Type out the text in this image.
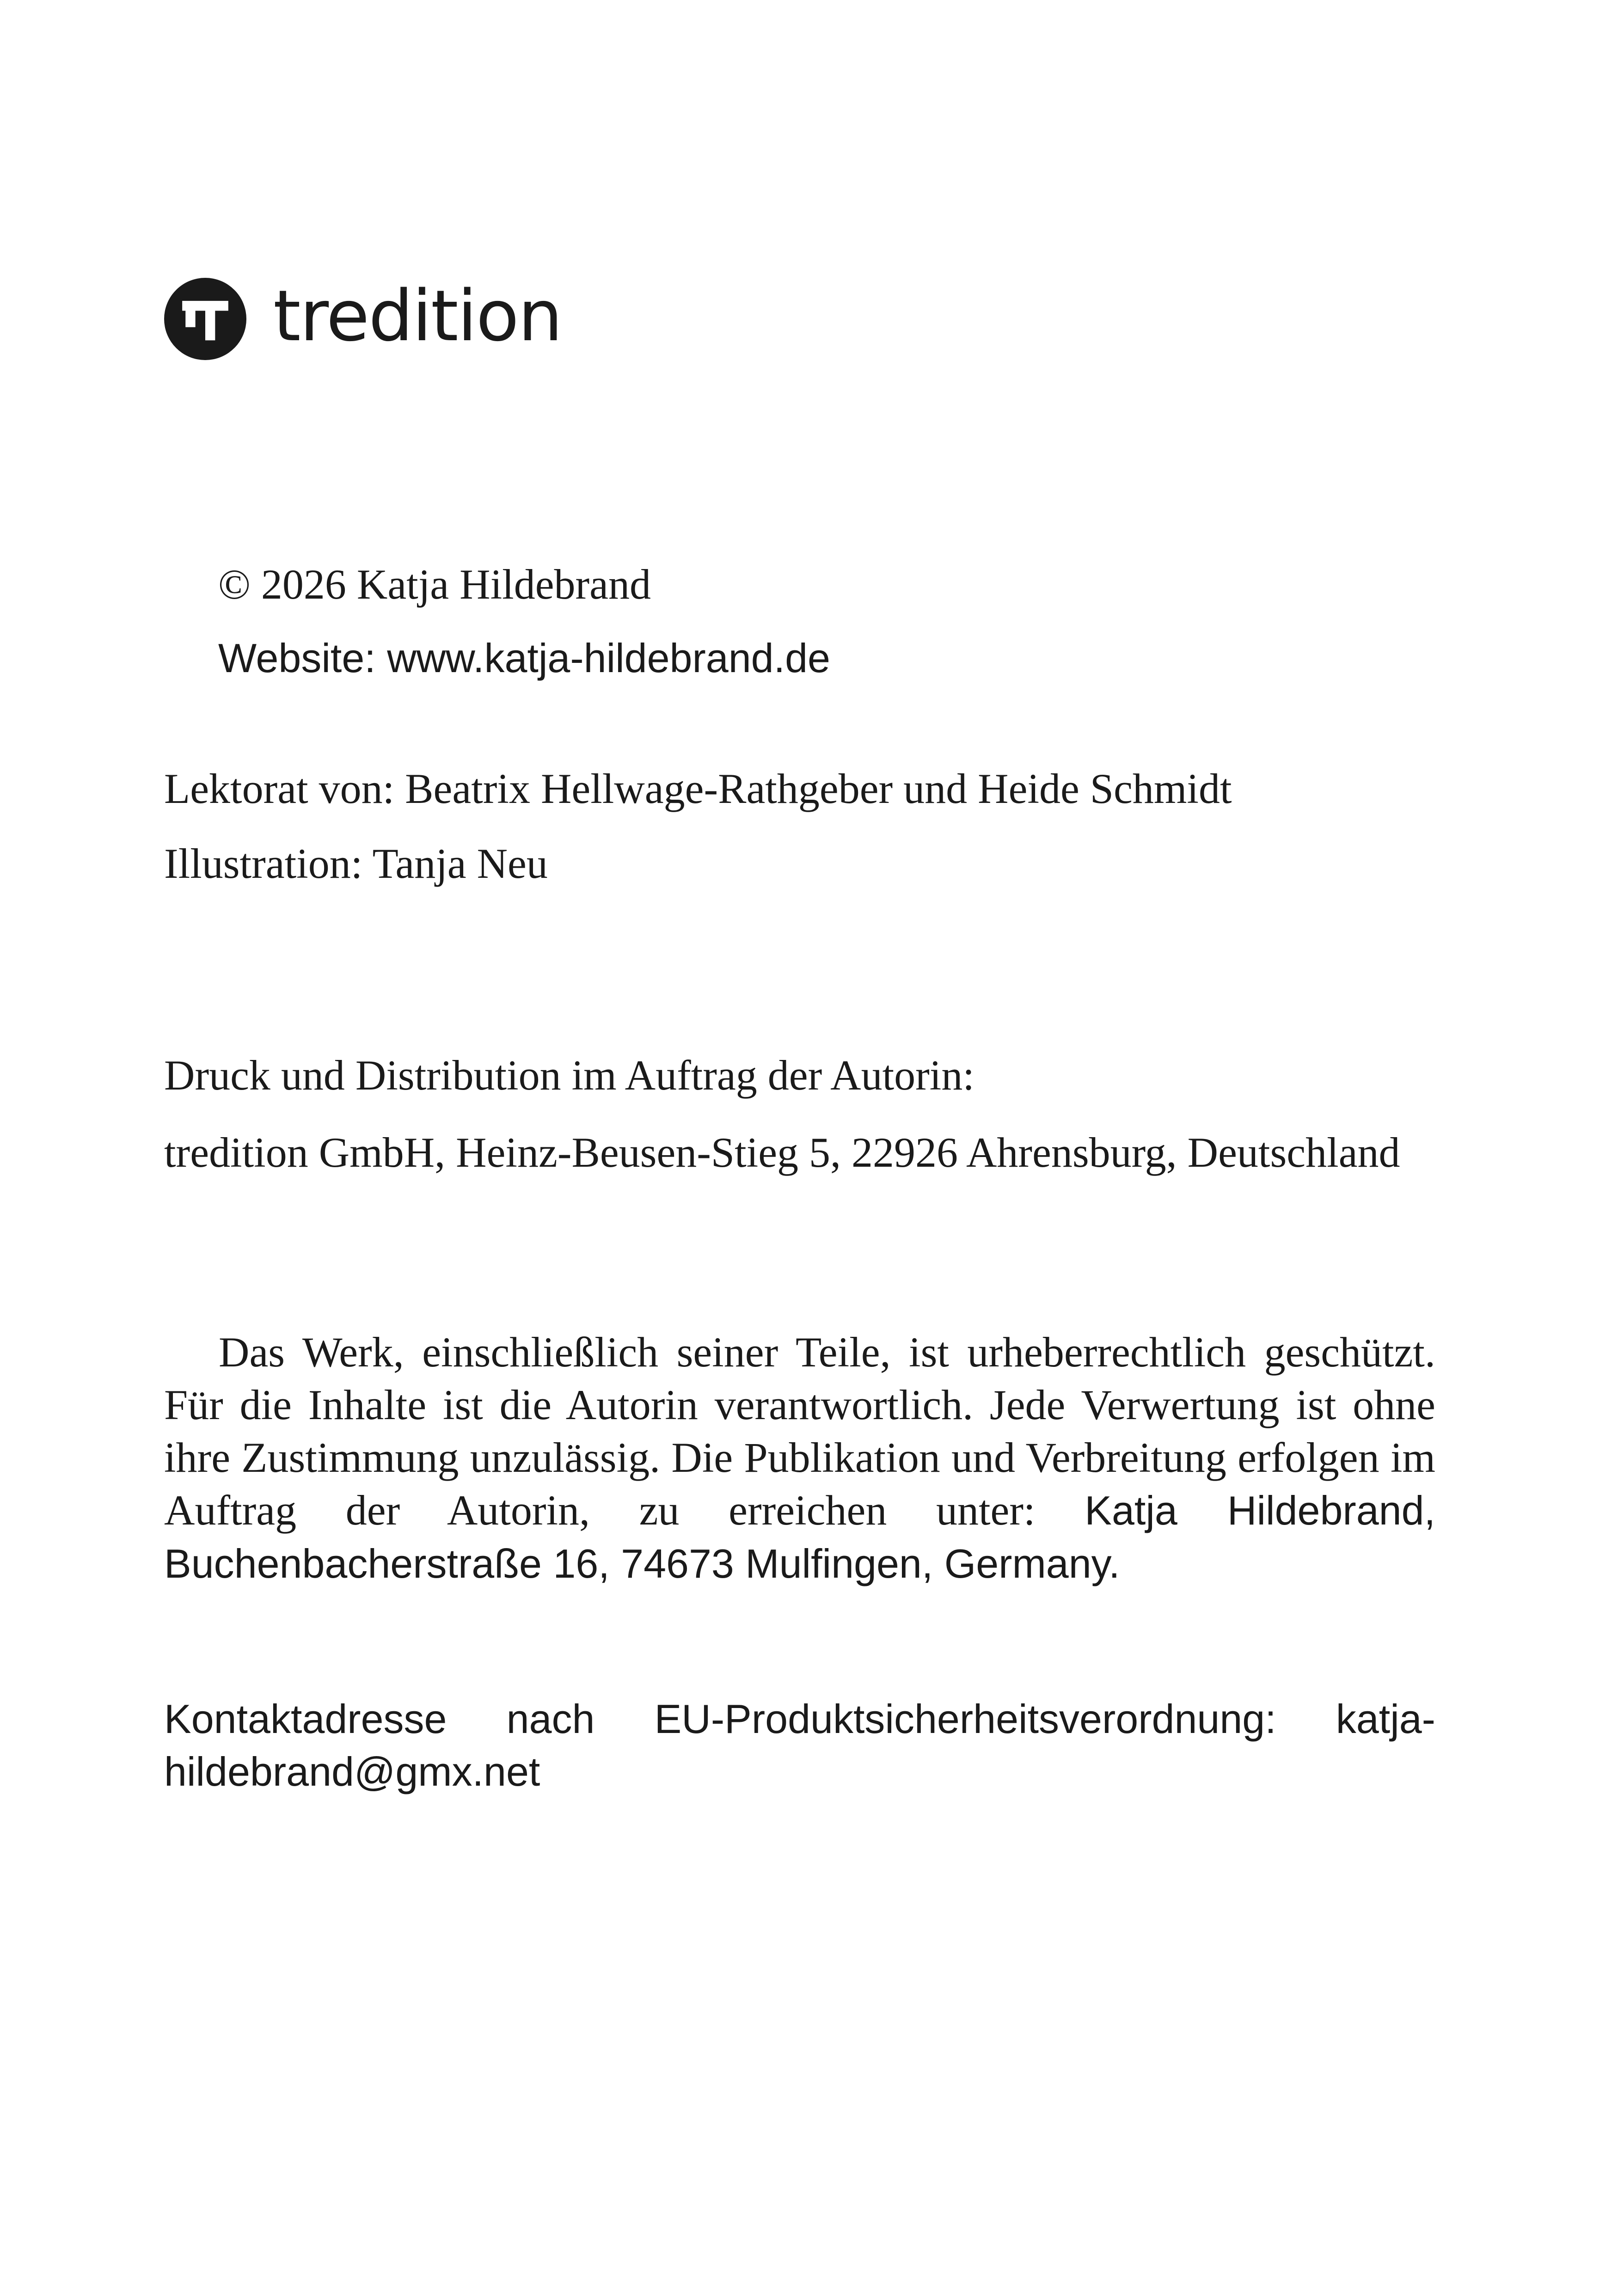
tredition
© 2026 Katja Hildebrand
Website: www.katja-hildebrand.de
Lektorat von: Beatrix Hellwage-Rathgeber und Heide Schmidt
Illustration: Tanja Neu
Druck und Distribution im Auftrag der Autorin:
tredition GmbH, Heinz-Beusen-Stieg 5, 22926 Ahrensburg, Deutschland
Das Werk, einschließlich seiner Teile, ist urheberrechtlich geschützt. Für die Inhalte ist die Autorin verantwortlich. Jede Verwertung ist ohne ihre Zustimmung unzulässig. Die Publikation und Verbreitung erfolgen im Auftrag der Autorin, zu erreichen unter: Katja Hildebrand, Buchenbacherstraße 16, 74673 Mulfingen, Germany.
Kontaktadresse nach EU-Produktsicherheitsverordnung: katja-hildebrand@gmx.net
